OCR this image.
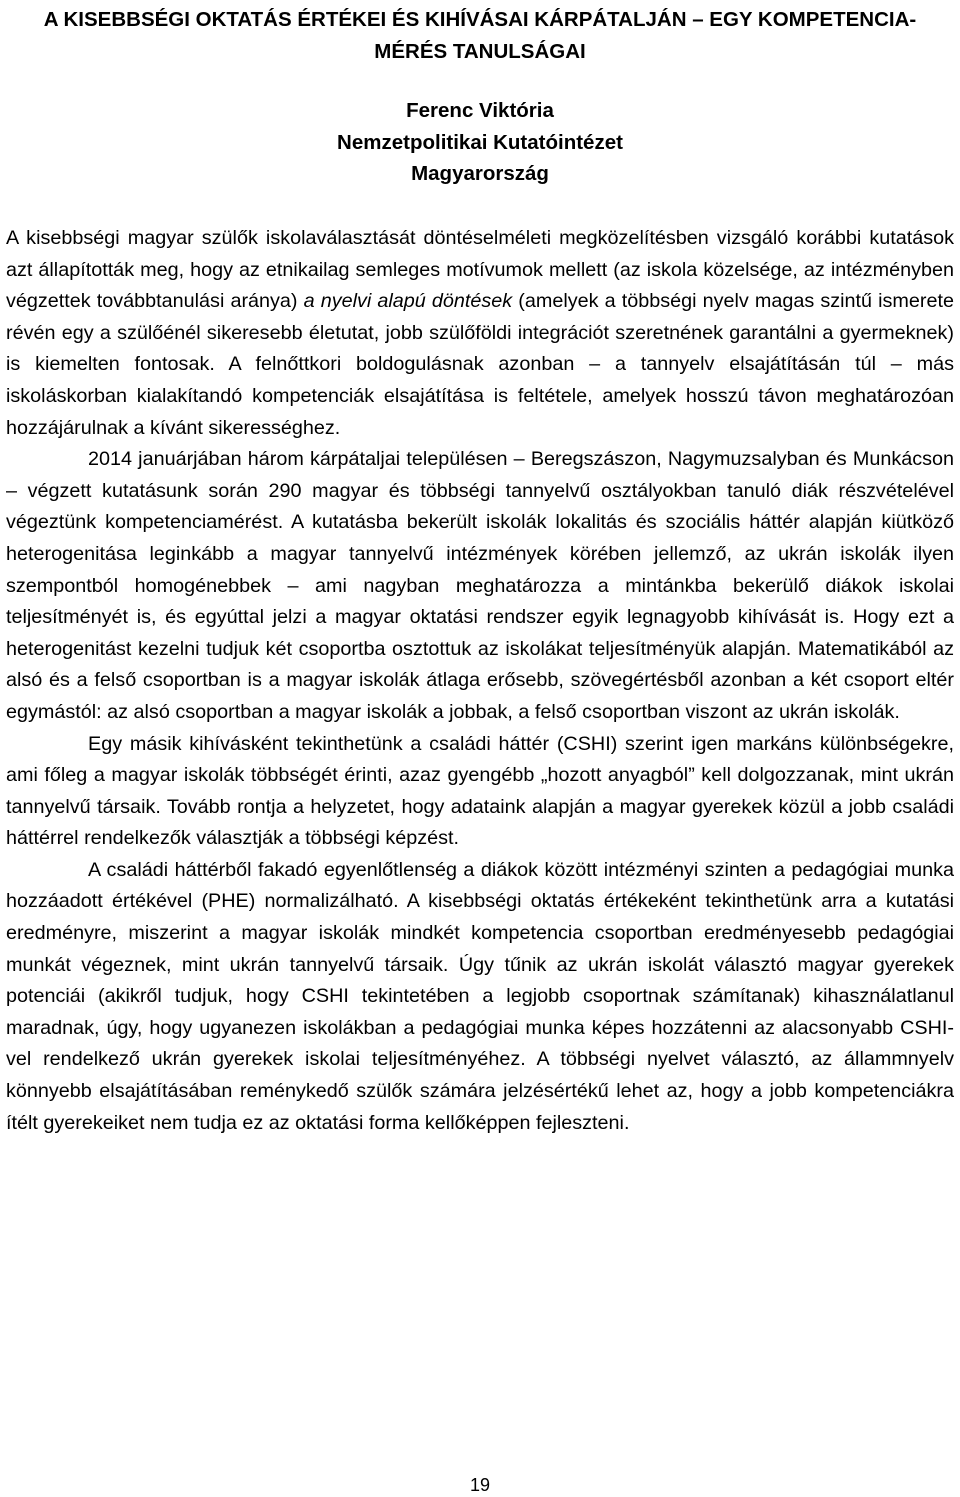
A KISEBBSÉGI OKTATÁS ÉRTÉKEI ÉS KIHÍVÁSAI KÁRPÁTALJÁN – EGY KOMPETENCIA-MÉRÉS TANULSÁGAI
Ferenc Viktória
Nemzetpolitikai Kutatóintézet
Magyarország

A kisebbségi magyar szülők iskolaválasztását döntéselméleti megközelítésben vizsgáló korábbi kutatások azt állapították meg, hogy az etnikailag semleges motívumok mellett (az iskola közelsége, az intézményben végzettek továbbtanulási aránya) a nyelvi alapú döntések (amelyek a többségi nyelv magas szintű ismerete révén egy a szülőénél sikeresebb életutat, jobb szülőföldi integrációt szeretnének garantálni a gyermeknek) is kiemelten fontosak. A felnőttkori boldogulásnak azonban – a tannyelv elsajátításán túl – más iskoláskorban kialakítandó kompetenciák elsajátítása is feltétele, amelyek hosszú távon meghatározóan hozzájárulnak a kívánt sikerességhez.

2014 januárjában három kárpátaljai településen – Beregszászon, Nagymuzsalyban és Munkácson – végzett kutatásunk során 290 magyar és többségi tannyelvű osztályokban tanuló diák részvételével végeztünk kompetenciamérést. A kutatásba bekerült iskolák lokalitás és szociális háttér alapján kiütköző heterogenitása leginkább a magyar tannyelvű intézmények körében jellemző, az ukrán iskolák ilyen szempontból homogénebbek – ami nagyban meghatározza a mintánkba bekerülő diákok iskolai teljesítményét is, és egyúttal jelzi a magyar oktatási rendszer egyik legnagyobb kihívását is. Hogy ezt a heterogenitást kezelni tudjuk két csoportba osztottuk az iskolákat teljesítményük alapján. Matematikából az alsó és a felső csoportban is a magyar iskolák átlaga erősebb, szövegértésből azonban a két csoport eltér egymástól: az alsó csoportban a magyar iskolák a jobbak, a felső csoportban viszont az ukrán iskolák.

Egy másik kihívásként tekinthetünk a családi háttér (CSHI) szerint igen markáns különbségekre, ami főleg a magyar iskolák többségét érinti, azaz gyengébb „hozott anyagból” kell dolgozzanak, mint ukrán tannyelvű társaik. Tovább rontja a helyzetet, hogy adataink alapján a magyar gyerekek közül a jobb családi háttérrel rendelkezők választják a többségi képzést.

A családi háttérből fakadó egyenlőtlenség a diákok között intézményi szinten a pedagógiai munka hozzáadott értékével (PHE) normalizálható. A kisebbségi oktatás értékeként tekinthetünk arra a kutatási eredményre, miszerint a magyar iskolák mindkét kompetencia csoportban eredményesebb pedagógiai munkát végeznek, mint ukrán tannyelvű társaik. Úgy tűnik az ukrán iskolát választó magyar gyerekek potenciái (akikről tudjuk, hogy CSHI tekintetében a legjobb csoportnak számítanak) kihasználatlanul maradnak, úgy, hogy ugyanezen iskolákban a pedagógiai munka képes hozzátenni az alacsonyabb CSHI-vel rendelkező ukrán gyerekek iskolai teljesítményéhez. A többségi nyelvet választó, az állammnyelv könnyebb elsajátításában reménykedő szülők számára jelzésértékű lehet az, hogy a jobb kompetenciákra ítélt gyerekeiket nem tudja ez az oktatási forma kellőképpen fejleszteni.

19
